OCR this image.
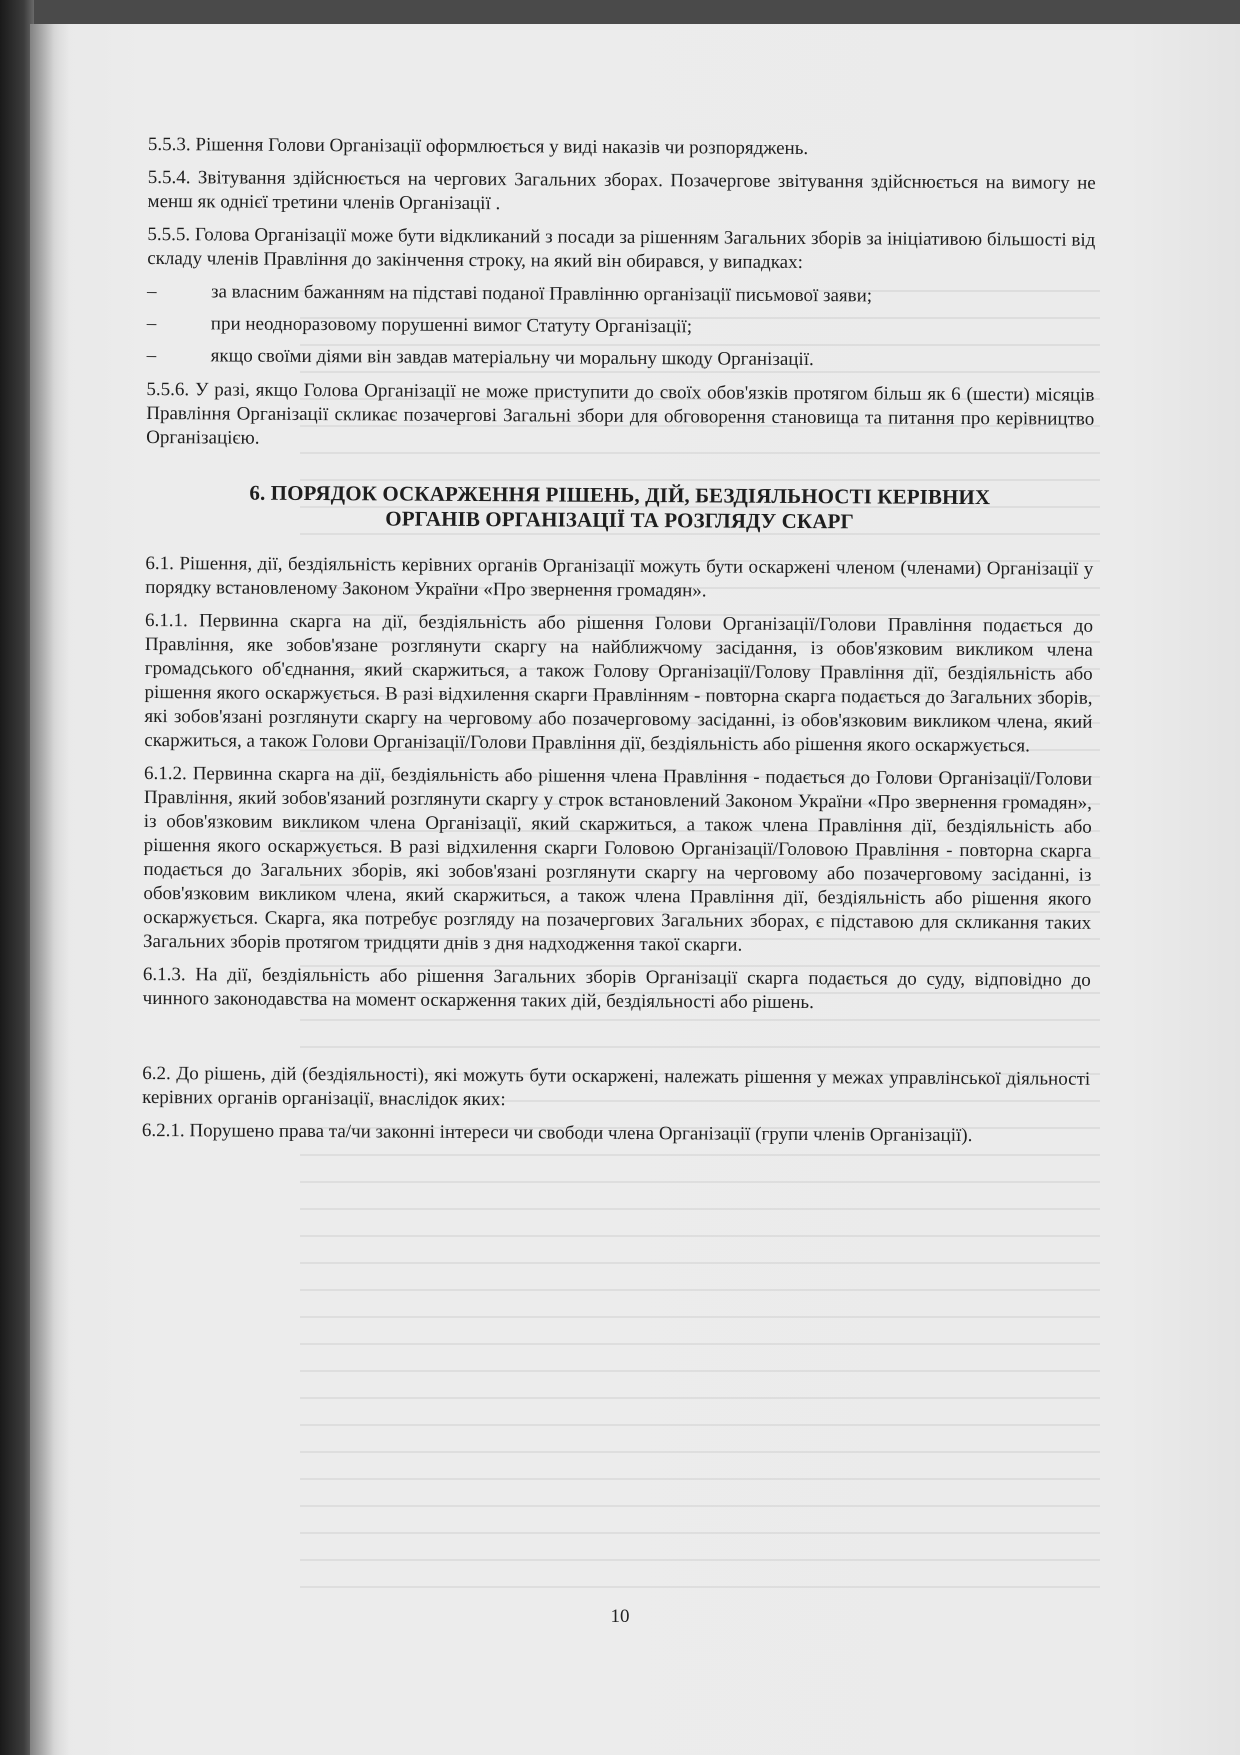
5.5.3. Рішення Голови Організації оформлюється у виді наказів чи розпоряджень.

5.5.4. Звітування здійснюється на чергових Загальних зборах. Позачергове звітування здійснюється на вимогу не менш як однієї третини членів Організації .

5.5.5. Голова Організації може бути відкликаний з посади за рішенням Загальних зборів за ініціативою більшості від складу членів Правління до закінчення строку, на який він обирався, у випадках:

–	за власним бажанням на підставі поданої Правлінню організації письмової заяви;
–	при неодноразовому порушенні вимог Статуту Організації;
–	якщо своїми діями він завдав матеріальну чи моральну шкоду Організації.

5.5.6. У разі, якщо Голова Організації не може приступити до своїх обов'язків протягом більш як 6 (шести) місяців Правління Організації скликає позачергові Загальні збори для обговорення становища та питання про керівництво Організацією.

6. ПОРЯДОК ОСКАРЖЕННЯ РІШЕНЬ, ДІЙ, БЕЗДІЯЛЬНОСТІ КЕРІВНИХ
ОРГАНІВ ОРГАНІЗАЦІЇ ТА РОЗГЛЯДУ СКАРГ

6.1. Рішення, дії, бездіяльність керівних органів Організації можуть бути оскаржені членом (членами) Організації у порядку встановленому Законом України «Про звернення громадян».

6.1.1. Первинна скарга на дії, бездіяльність або рішення Голови Організації/Голови Правління подається до Правління, яке зобов'язане розглянути скаргу на найближчому засідання, із обов'язковим викликом члена громадського об'єднання, який скаржиться, а також Голову Організації/Голову Правління дії, бездіяльність або рішення якого оскаржується. В разі відхилення скарги Правлінням - повторна скарга подається до Загальних зборів, які зобов'язані розглянути скаргу на черговому або позачерговому засіданні, із обов'язковим викликом члена, який скаржиться, а також Голови Організації/Голови Правління дії, бездіяльність або рішення якого оскаржується.

6.1.2. Первинна скарга на дії, бездіяльність або рішення члена Правління - подається до Голови Організації/Голови Правління, який зобов'язаний розглянути скаргу у строк встановлений Законом України «Про звернення громадян», із обов'язковим викликом члена Організації, який скаржиться, а також члена Правління дії, бездіяльність або рішення якого оскаржується. В разі відхилення скарги Головою Організації/Головою Правління - повторна скарга подається до Загальних зборів, які зобов'язані розглянути скаргу на черговому або позачерговому засіданні, із обов'язковим викликом члена, який скаржиться, а також члена Правління дії, бездіяльність або рішення якого оскаржується. Скарга, яка потребує розгляду на позачергових Загальних зборах, є підставою для скликання таких Загальних зборів протягом тридцяти днів з дня надходження такої скарги.

6.1.3. На дії, бездіяльність або рішення Загальних зборів Організації скарга подається до суду, відповідно до чинного законодавства на момент оскарження таких дій, бездіяльності або рішень.

6.2. До рішень, дій (бездіяльності), які можуть бути оскаржені, належать рішення у межах управлінської діяльності керівних органів організації, внаслідок яких:

6.2.1. Порушено права та/чи законні інтереси чи свободи члена Організації (групи членів Організації).

10
